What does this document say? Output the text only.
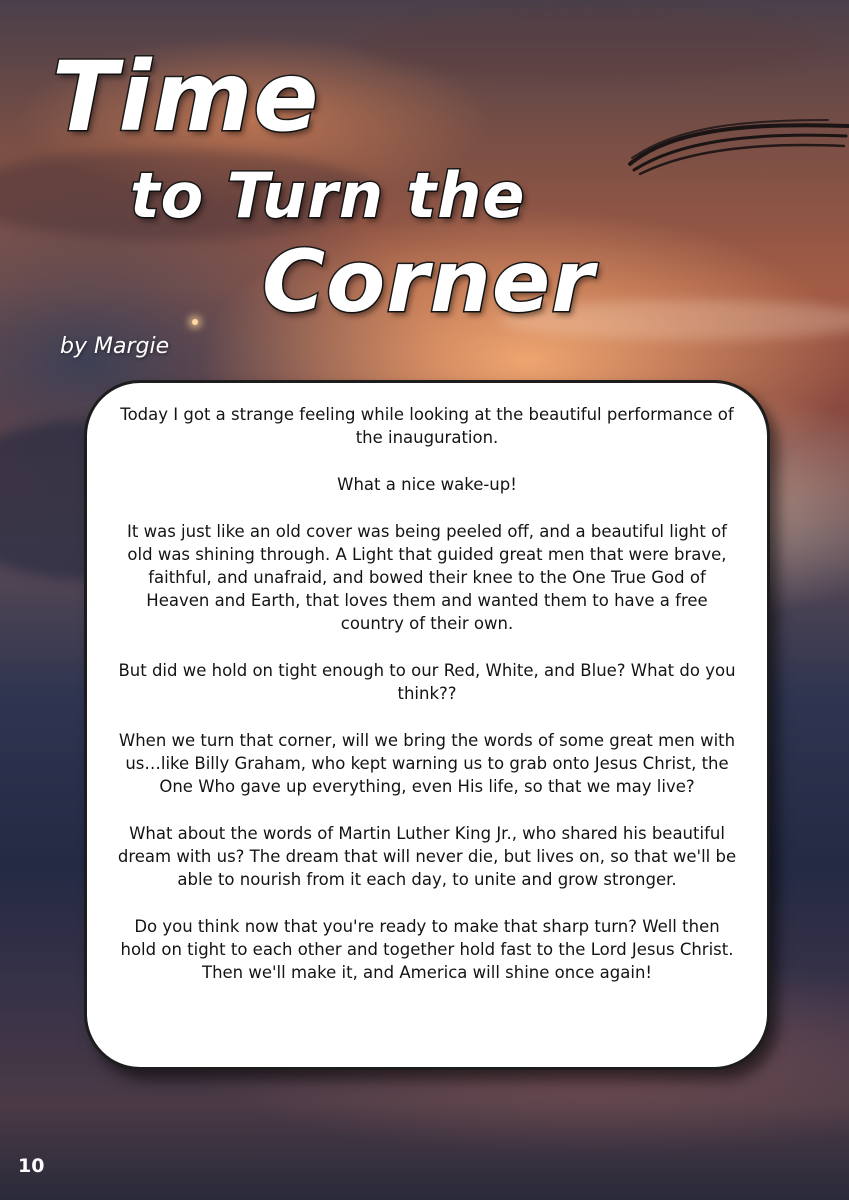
Time
to Turn the
Corner

by Margie

Today I got a strange feeling while looking at the beautiful performance of the inauguration.

What a nice wake-up!

It was just like an old cover was being peeled off, and a beautiful light of old was shining through. A Light that guided great men that were brave, faithful, and unafraid, and bowed their knee to the One True God of Heaven and Earth, that loves them and wanted them to have a free country of their own.

But did we hold on tight enough to our Red, White, and Blue? What do you think??

When we turn that corner, will we bring the words of some great men with us…like Billy Graham, who kept warning us to grab onto Jesus Christ, the One Who gave up everything, even His life, so that we may live?

What about the words of Martin Luther King Jr., who shared his beautiful dream with us? The dream that will never die, but lives on, so that we'll be able to nourish from it each day, to unite and grow stronger.

Do you think now that you're ready to make that sharp turn? Well then hold on tight to each other and together hold fast to the Lord Jesus Christ. Then we'll make it, and America will shine once again!

10
